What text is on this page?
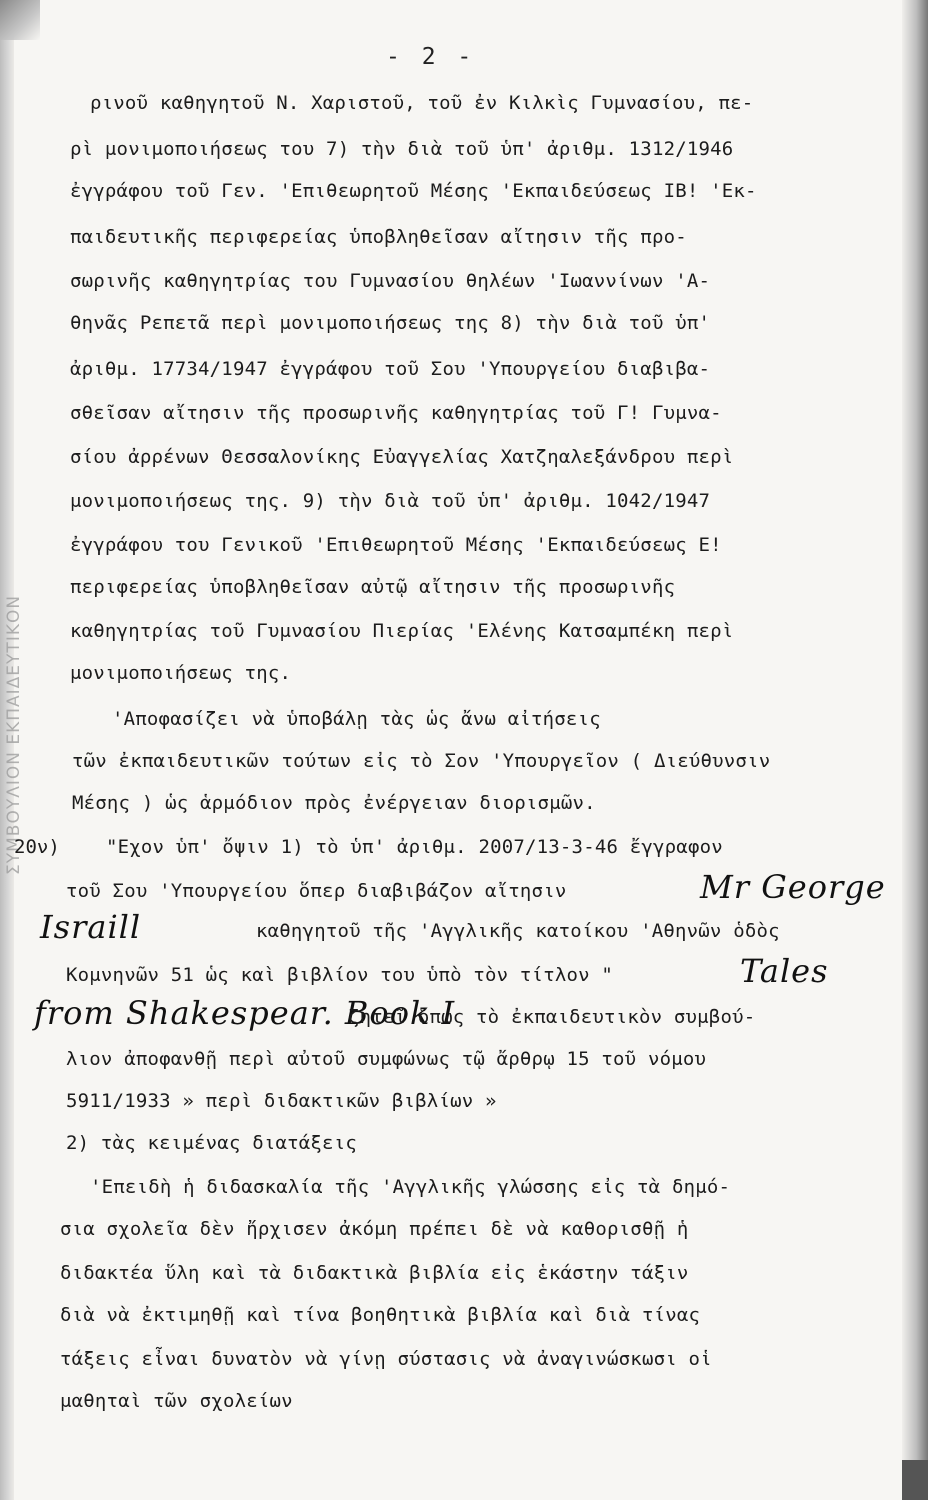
ΣΥΜΒΟΥΛΙΟΝ ΕΚΠΑΙΔΕΥΤΙΚΟΝ
- 2 -
ρινοῦ καθηγητοῦ Ν. Χαριστοῦ, τοῦ ἐν Κιλκὶς Γυμνασίου, πε-
ρὶ μονιμοποιήσεως του 7) τὴν διὰ τοῦ ὑπ' ἀριθμ. 1312/1946
ἐγγράφου τοῦ Γεν. 'Επιθεωρητοῦ Μέσης 'Εκπαιδεύσεως ΙΒ! 'Εκ-
παιδευτικῆς περιφερείας ὑποβληθεῖσαν αἴτησιν τῆς προ-
σωρινῆς καθηγητρίας του Γυμνασίου θηλέων 'Ιωαννίνων 'Α-
θηνᾶς Ρεπετᾶ περὶ μονιμοποιήσεως της 8) τὴν διὰ τοῦ ὑπ'
ἀριθμ. 17734/1947 ἐγγράφου τοῦ Σου 'Υπουργείου διαβιβα-
σθεῖσαν αἴτησιν τῆς προσωρινῆς καθηγητρίας τοῦ Γ! Γυμνα-
σίου ἀρρένων Θεσσαλονίκης Εὐαγγελίας Χατζηαλεξάνδρου περὶ
μονιμοποιήσεως της. 9) τὴν διὰ τοῦ ὑπ' ἀριθμ. 1042/1947
ἐγγράφου του Γενικοῦ 'Επιθεωρητοῦ Μέσης 'Εκπαιδεύσεως Ε!
περιφερείας ὑποβληθεῖσαν αὐτῷ αἴτησιν τῆς προσωρινῆς
καθηγητρίας τοῦ Γυμνασίου Πιερίας 'Ελένης Κατσαμπέκη περὶ
μονιμοποιήσεως της.
'Αποφασίζει νὰ ὑποβάλῃ τὰς ὡς ἄνω αἰτήσεις
τῶν ἐκπαιδευτικῶν τούτων εἰς τὸ Σον 'Υπουργεῖον ( Διεύθυνσιν
Μέσης ) ὡς ἁρμόδιον πρὸς ἐνέργειαν διορισμῶν.
20ν) "Εχον ὑπ' ὄψιν 1) τὸ ὑπ' ἀριθμ. 2007/13-3-46 ἔγγραφον
τοῦ Σου 'Υπουργείου ὅπερ διαβιβάζον αἴτησιν	Mr George
Israill	καθηγητοῦ τῆς 'Αγγλικῆς κατοίκου 'Αθηνῶν ὁδὸς
Κομνηνῶν 51 ὡς καὶ βιβλίον του ὑπὸ τὸν τίτλον "	Tales
from Shakespear. Book I
ζητεῖ ὅπως τὸ ἐκπαιδευτικὸν συμβού-
λιον ἀποφανθῇ περὶ αὐτοῦ συμφώνως τῷ ἄρθρῳ 15 τοῦ νόμου
5911/1933 » περὶ διδακτικῶν βιβλίων »
2) τὰς κειμένας διατάξεις
'Επειδὴ ἡ διδασκαλία τῆς 'Αγγλικῆς γλώσσης εἰς τὰ δημό-
σια σχολεῖα δὲν ἤρχισεν ἀκόμη πρέπει δὲ νὰ καθορισθῇ ἡ
διδακτέα ὕλη καὶ τὰ διδακτικὰ βιβλία εἰς ἑκάστην τάξιν
διὰ νὰ ἐκτιμηθῇ καὶ τίνα βοηθητικὰ βιβλία καὶ διὰ τίνας
τάξεις εἶναι δυνατὸν νὰ γίνῃ σύστασις νὰ ἀναγινώσκωσι οἱ
μαθηταὶ τῶν σχολείων
